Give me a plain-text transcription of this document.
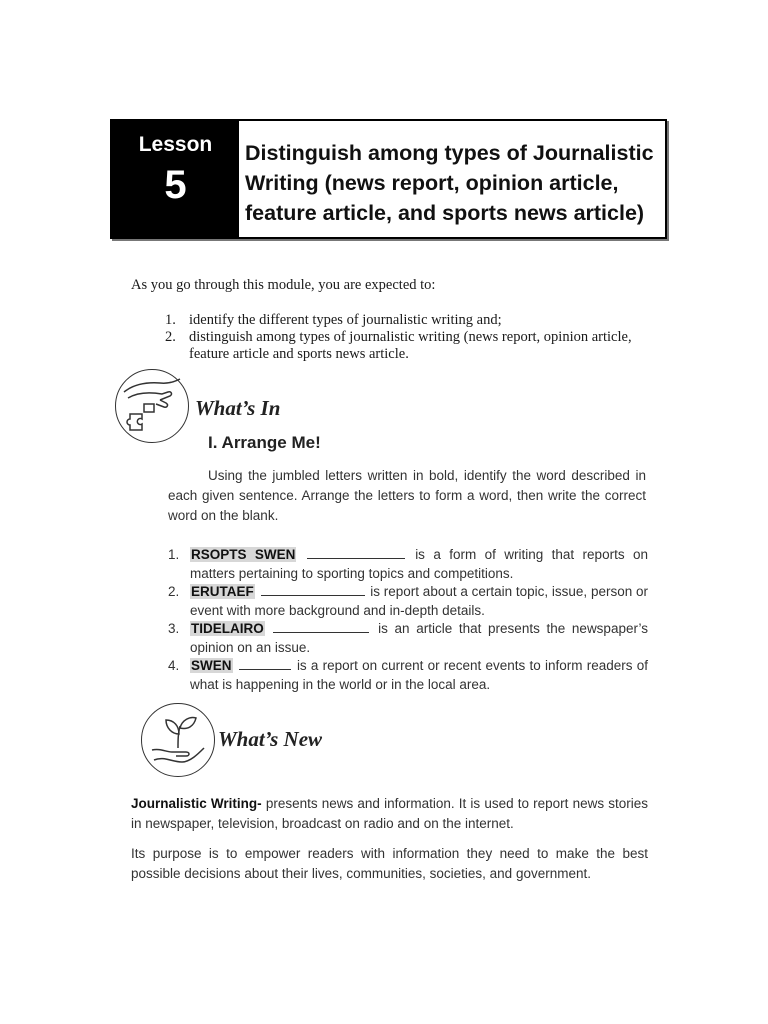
Lesson
5
Distinguish among types of Journalistic
Writing (news report, opinion article,
feature article, and sports news article)
As you go through this module, you are expected to:
1. identify the different types of journalistic writing and;
2. distinguish among types of journalistic writing (news report, opinion article, feature article and sports news article.
What’s In
I. Arrange Me!
Using the jumbled letters written in bold, identify the word described in each given sentence. Arrange the letters to form a word, then write the correct word on the blank.
1. RSOPTS SWEN	is a form of writing that reports on matters pertaining to sporting topics and competitions.
2. ERUTAEF	is report about a certain topic, issue, person or event with more background and in-depth details.
3. TIDELAIRO	is an article that presents the newspaper’s opinion on an issue.
4. SWEN	is a report on current or recent events to inform readers of what is happening in the world or in the local area.
What’s New
Journalistic Writing- presents news and information. It is used to report news stories in newspaper, television, broadcast on radio and on the internet.
Its purpose is to empower readers with information they need to make the best possible decisions about their lives, communities, societies, and government.
